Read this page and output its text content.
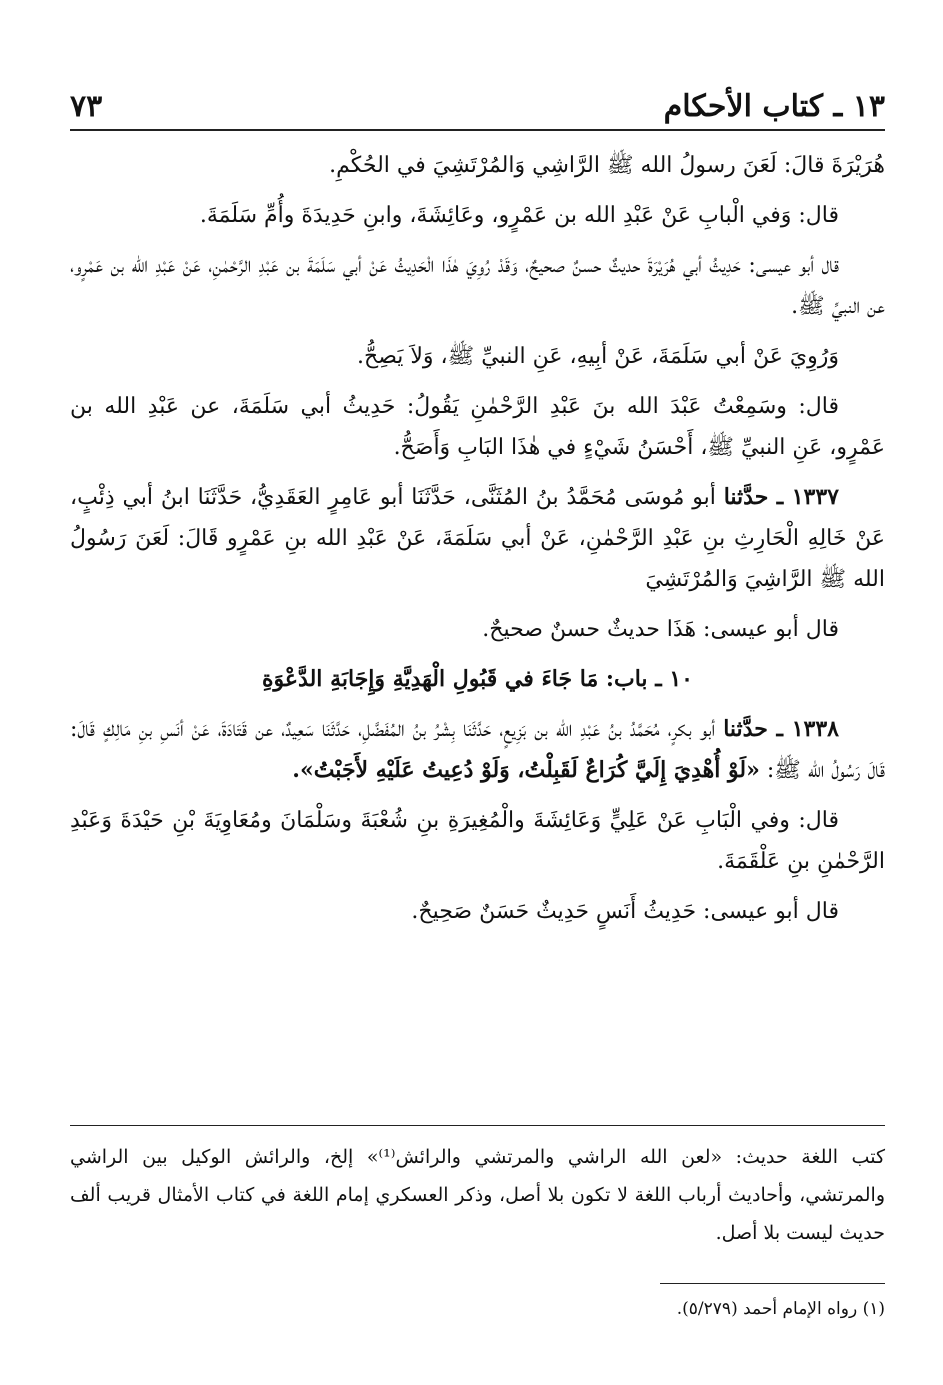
٧٣	١٣ ـ كتاب الأحكام

هُرَيْرَةَ قالَ: لَعَنَ رسولُ الله ﷺ الرَّاشِي وَالمُرْتَشِيَ في الحُكْمِ.

قال: وَفي الْبابِ عَنْ عَبْدِ الله بن عَمْرٍو، وعَائِشَةَ، وابنِ حَدِيدَةَ وأُمِّ سَلَمَةَ.

قال أبو عيسى: حَدِيثُ أبي هُرَيْرَةَ حديثٌ حسنٌ صحيحٌ، وَقَدْ رُوِيَ هٰذَا الْحَدِيثُ عَنْ أبي سَلَمَةَ بن عَبْدِ الرَّحْمٰنِ، عَنْ عَبْدِ الله بن عَمْرٍو، عن النبيِّ ﷺ.

وَرُوِيَ عَنْ أبي سَلَمَةَ، عَنْ أبِيهِ، عَنِ النبيِّ ﷺ، وَلاَ يَصِحُّ.

قال: وسَمِعْتُ عَبْدَ الله بنَ عَبْدِ الرَّحْمٰنِ يَقُولُ: حَدِيثُ أبي سَلَمَةَ، عن عَبْدِ الله بن عَمْرٍو، عَنِ النبيِّ ﷺ، أَحْسَنُ شَيْءٍ في هٰذَا البَابِ وَأَصَحُّ.

١٣٣٧ ـ حدَّثنا أبو مُوسَى مُحَمَّدُ بنُ المُثَنَّى، حَدَّثَنَا أبو عَامِرٍ العَقَدِيُّ، حَدَّثَنَا ابنُ أبي ذِئْبٍ، عَنْ خَالِهِ الْحَارِثِ بنِ عَبْدِ الرَّحْمٰنِ، عَنْ أبي سَلَمَةَ، عَنْ عَبْدِ الله بنِ عَمْرٍو قَالَ: لَعَنَ رَسُولُ الله ﷺ الرَّاشِيَ وَالمُرْتَشِيَ

قال أبو عيسى: هَذَا حديثٌ حسنٌ صحيحٌ.

١٠ ـ باب: مَا جَاءَ في قَبُولِ الْهَدِيَّةِ وَإِجَابَةِ الدَّعْوَةِ

١٣٣٨ ـ حدَّثنا أبو بكرٍ، مُحَمَّدُ بنُ عَبْدِ الله بن بَزِيعٍ، حَدَّثَنَا بِشْرُ بنُ المُفَضَّلِ، حَدَّثَنَا سَعِيدٌ، عن قَتَادَةَ، عَنْ أنَسِ بنِ مَالِكٍ قَالَ: قَالَ رَسُولُ الله ﷺ: «لَوْ أُهْدِيَ إِلَيَّ كُرَاعٌ لَقَبِلْتُ، وَلَوْ دُعِيتُ عَلَيْهِ لأَجَبْتُ».

قال: وفي الْبَابِ عَنْ عَلِيٍّ وَعَائِشَةَ والْمُغِيرَةِ بنِ شُعْبَةَ وسَلْمَانَ ومُعَاوِيَةَ بْنِ حَيْدَةَ وَعَبْدِ الرَّحْمٰنِ بنِ عَلْقَمَةَ.

قال أبو عيسى: حَدِيثُ أَنَسٍ حَدِيثٌ حَسَنٌ صَحِيحٌ.

كتب اللغة حديث: «لعن الله الراشي والمرتشي والرائش⁽¹⁾» إلخ، والرائش الوكيل بين الراشي والمرتشي، وأحاديث أرباب اللغة لا تكون بلا أصل، وذكر العسكري إمام اللغة في كتاب الأمثال قريب ألف حديث ليست بلا أصل.
(١) رواه الإمام أحمد (٥/٢٧٩).
